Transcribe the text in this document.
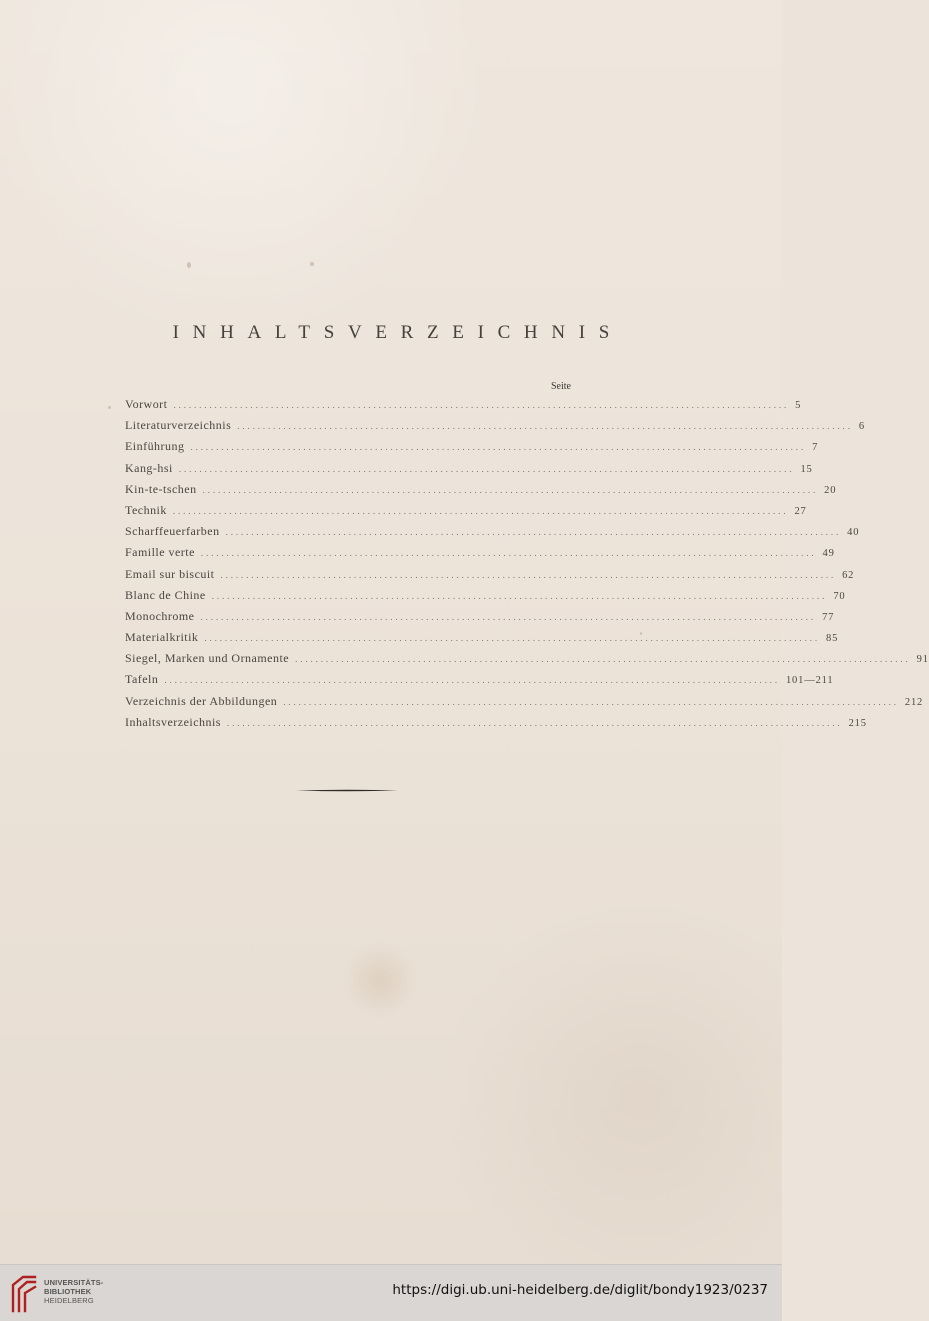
INHALTSVERZEICHNIS
Seite
Vorwort ........................................................................................................................ 5
Literaturverzeichnis ........................................................................................................................ 6
Einführung ........................................................................................................................ 7
Kang-hsi ........................................................................................................................ 15
Kin-te-tschen ........................................................................................................................ 20
Technik ........................................................................................................................ 27
Scharffeuerfarben ........................................................................................................................ 40
Famille verte ........................................................................................................................ 49
Email sur biscuit ........................................................................................................................ 62
Blanc de Chine ........................................................................................................................ 70
Monochrome ........................................................................................................................ 77
Materialkritik ........................................................................................................................ 85
Siegel, Marken und Ornamente ........................................................................................................................ 91
Tafeln ........................................................................................................................ 101—211
Verzeichnis der Abbildungen ........................................................................................................................ 212
Inhaltsverzeichnis ........................................................................................................................ 215
UNIVERSITÄTS-
BIBLIOTHEK
HEIDELBERG
https://digi.ub.uni-heidelberg.de/diglit/bondy1923/0237
